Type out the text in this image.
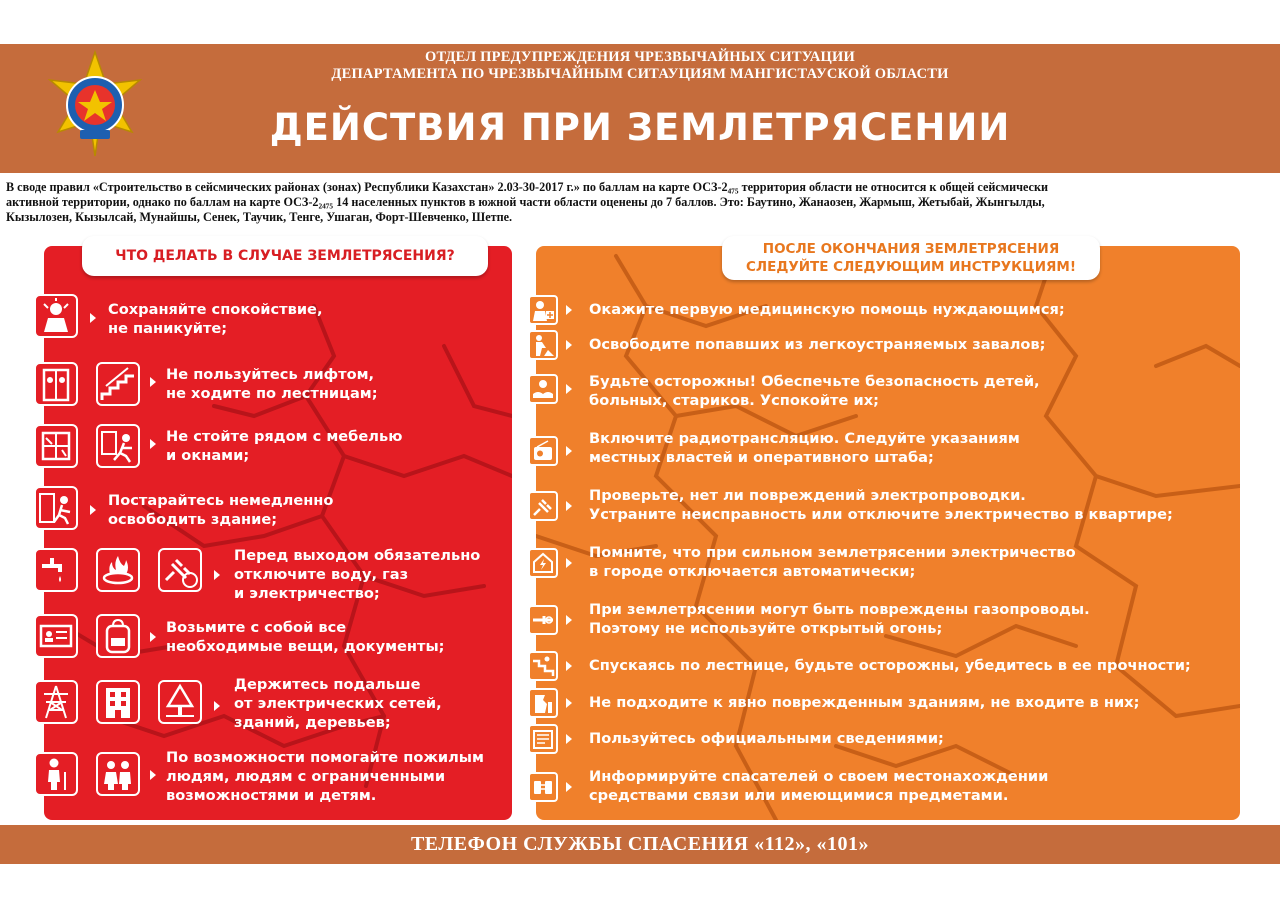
ОТДЕЛ ПРЕДУПРЕЖДЕНИЯ ЧРЕЗВЫЧАЙНЫХ СИТУАЦИИ
ДЕПАРТАМЕНТА ПО ЧРЕЗВЫЧАЙНЫМ СИТАУЦИЯМ МАНГИСТАУСКОЙ ОБЛАСТИ
ДЕЙСТВИЯ ПРИ ЗЕМЛЕТРЯСЕНИИ
В своде правил «Строительство в сейсмических районах (зонах) Республики Казахстан» 2.03-30-2017 г.» по баллам на карте ОСЗ-2₄₇₅ территория области не относится к общей сейсмически
активной территории, однако по баллам на карте ОСЗ-2₂₄₇₅ 14 населенных пунктов в южной части области оценены до 7 баллов. Это: Баутино, Жанаозен, Жармыш, Жетыбай, Жынгылды,
Кызылозен, Кызылсай, Мунайшы, Сенек, Таучик, Тенге, Ушаган, Форт-Шевченко, Шетпе.
ЧТО ДЕЛАТЬ В СЛУЧАЕ ЗЕМЛЕТРЯСЕНИЯ?
Сохраняйте спокойствие,
не паникуйте;
Не пользуйтесь лифтом,
не ходите по лестницам;
Не стойте рядом с мебелью
и окнами;
Постарайтесь немедленно
освободить здание;
Перед выходом обязательно
отключите воду, газ
и электричество;
Возьмите с собой все
необходимые вещи, документы;
Держитесь подальше
от электрических сетей,
зданий, деревьев;
По возможности помогайте пожилым
людям, людям с ограниченными
возможностями и детям.
ПОСЛЕ ОКОНЧАНИЯ ЗЕМЛЕТРЯСЕНИЯ
СЛЕДУЙТЕ СЛЕДУЮЩИМ ИНСТРУКЦИЯМ!
Окажите первую медицинскую помощь нуждающимся;
Освободите попавших из легкоустраняемых завалов;
Будьте осторожны! Обеспечьте безопасность детей,
больных, стариков. Успокойте их;
Включите радиотрансляцию. Следуйте указаниям
местных властей и оперативного штаба;
Проверьте, нет ли повреждений электропроводки.
Устраните неисправность или отключите электричество в квартире;
Помните, что при сильном землетрясении электричество
в городе отключается автоматически;
При землетрясении могут быть повреждены газопроводы.
Поэтому не используйте открытый огонь;
Спускаясь по лестнице, будьте осторожны, убедитесь в ее прочности;
Не подходите к явно поврежденным зданиям, не входите в них;
Пользуйтесь официальными сведениями;
Информируйте спасателей о своем местонахождении
средствами связи или имеющимися предметами.
ТЕЛЕФОН СЛУЖБЫ СПАСЕНИЯ «112», «101»
